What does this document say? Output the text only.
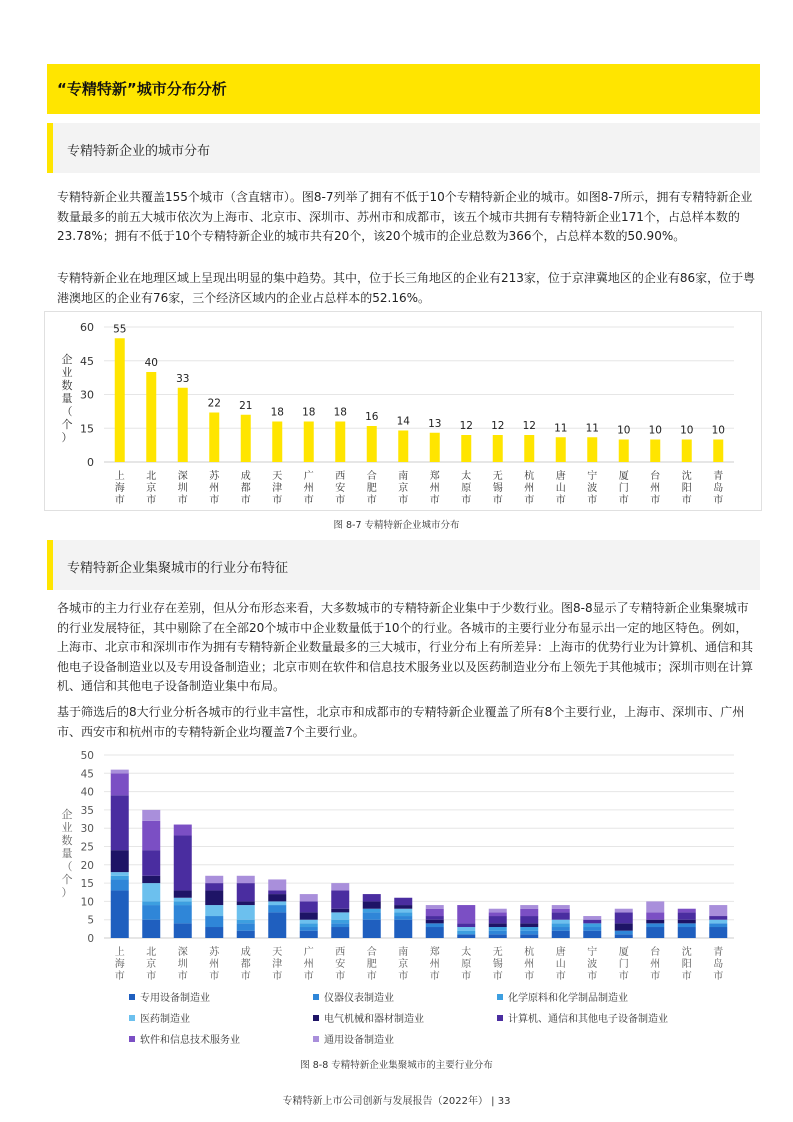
“专精特新”城市分布分析
专精特新企业的城市分布

专精特新企业共覆盖155个城市（含直辖市）。图8-7列举了拥有不低于10个专精特新企业的城市。如图8-7所示，拥有专精特新企业数量最多的前五大城市依次为上海市、北京市、深圳市、苏州市和成都市，该五个城市共拥有专精特新企业171个，占总样本数的23.78%；拥有不低于10个专精特新企业的城市共有20个，该20个城市的企业总数为366个，占总样本数的50.90%。

专精特新企业在地理区域上呈现出明显的集中趋势。其中，位于长三角地区的企业有213家，位于京津冀地区的企业有86家，位于粤港澳地区的企业有76家，三个经济区域内的企业占总样本的52.16%。

0
15
30
45
60
企业数量（个）
55
上海市
40
北京市
33
深圳市
22
苏州市
21
成都市
18
天津市
18
广州市
18
西安市
16
合肥市
14
南京市
13
郑州市
12
太原市
12
无锡市
12
杭州市
11
唐山市
11
宁波市
10
厦门市
10
台州市
10
沈阳市
10
青岛市
图 8-7 专精特新企业城市分布
专精特新企业集聚城市的行业分布特征

各城市的主力行业存在差别，但从分布形态来看，大多数城市的专精特新企业集中于少数行业。图8-8显示了专精特新企业集聚城市的行业发展特征，其中剔除了在全部20个城市中企业数量低于10个的行业。各城市的主要行业分布显示出一定的地区特色。例如，上海市、北京市和深圳市作为拥有专精特新企业数量最多的三大城市，行业分布上有所差异：上海市的优势行业为计算机、通信和其他电子设备制造业以及专用设备制造业；北京市则在软件和信息技术服务业以及医药制造业分布上领先于其他城市；深圳市则在计算机、通信和其他电子设备制造业集中布局。

基于筛选后的8大行业分析各城市的行业丰富性，北京市和成都市的专精特新企业覆盖了所有8个主要行业，上海市、深圳市、广州市、西安市和杭州市的专精特新企业均覆盖7个主要行业。

0
5
10
15
20
25
30
35
40
45
50
企业数量（个）
上海市
北京市
深圳市
苏州市
成都市
天津市
广州市
西安市
合肥市
南京市
郑州市
太原市
无锡市
杭州市
唐山市
宁波市
厦门市
台州市
沈阳市
青岛市
专用设备制造业	仪器仪表制造业	化学原料和化学制品制造业
医药制造业	电气机械和器材制造业	计算机、通信和其他电子设备制造业
软件和信息技术服务业	通用设备制造业
图 8-8 专精特新企业集聚城市的主要行业分布
专精特新上市公司创新与发展报告（2022年） | 33
